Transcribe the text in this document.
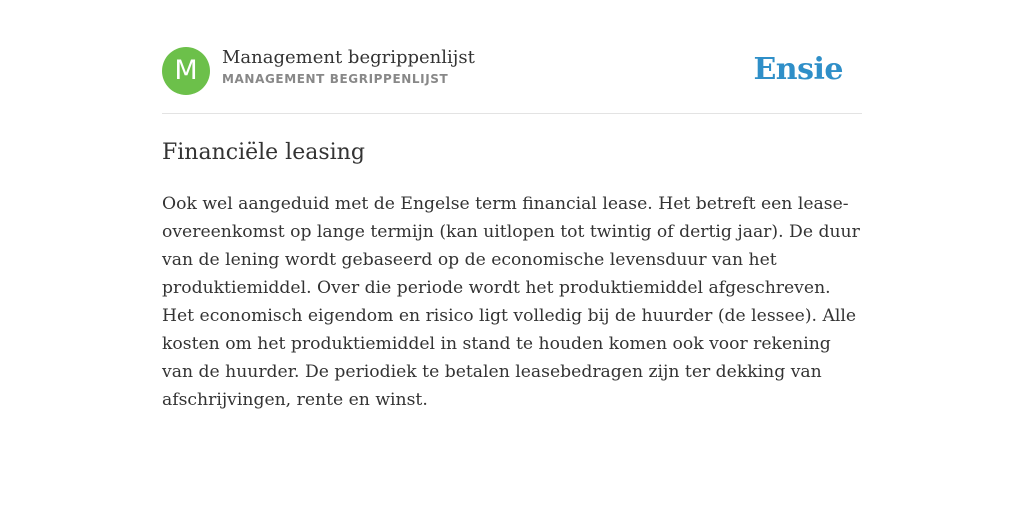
M	Management begrippenlijst
MANAGEMENT BEGRIPPENLIJST	Ensie
Financiële leasing

Ook wel aangeduid met de Engelse term financial lease. Het betreft een lease-overeenkomst op lange termijn (kan uitlopen tot twintig of dertig jaar). De duur van de lening wordt gebaseerd op de economische levensduur van het produktiemiddel. Over die periode wordt het produktiemiddel afgeschreven. Het economisch eigendom en risico ligt volledig bij de huurder (de lessee). Alle kosten om het produktiemiddel in stand te houden komen ook voor rekening van de huurder. De periodiek te betalen leasebedragen zijn ter dekking van afschrijvingen, rente en winst.
